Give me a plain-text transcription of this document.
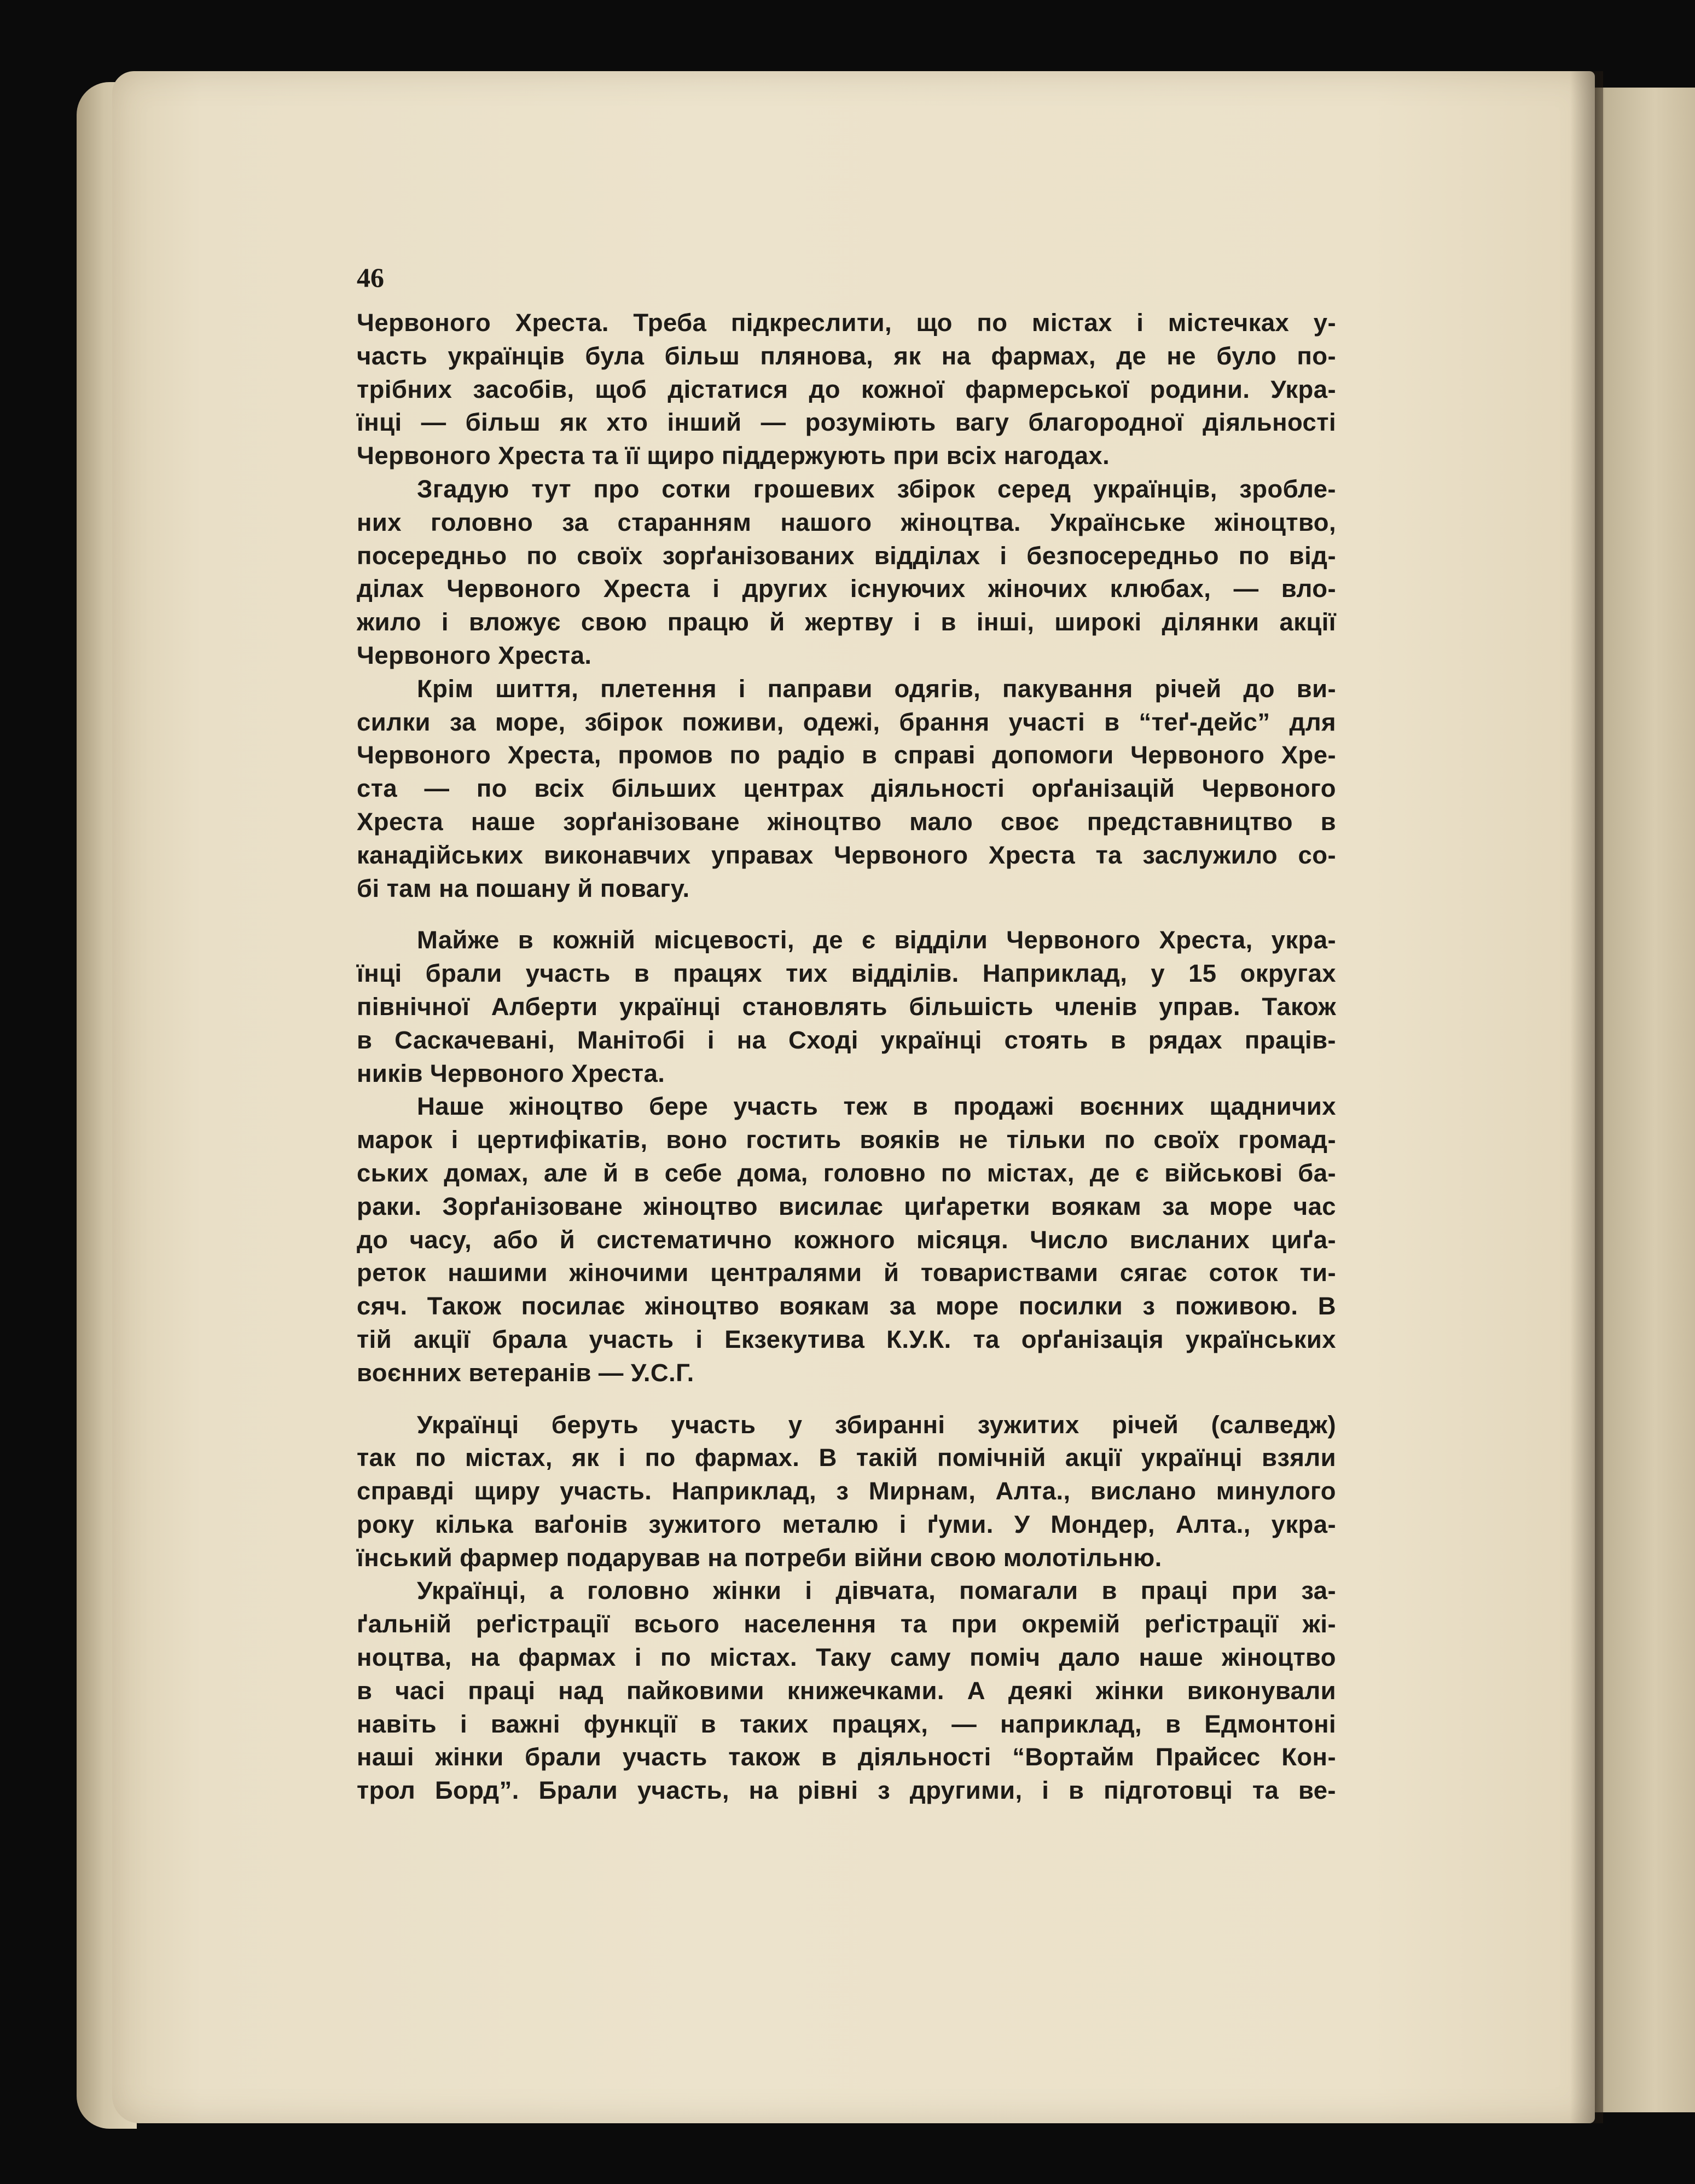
46

Червоного Хреста. Треба підкреслити, що по містах і містечках у-
часть українців була більш плянова, як на фармах, де не було по-
трібних засобів, щоб дістатися до кожної фармерської родини. Укра-
їнці — більш як хто інший — розуміють вагу благородної діяльності
Червоного Хреста та її щиро піддержують при всіх нагодах.

Згадую тут про сотки грошевих збірок серед українців, зробле-
них головно за старанням нашого жіноцтва. Українське жіноцтво,
посередньо по своїх зорґанізованих відділах і безпосередньо по від-
ділах Червоного Хреста і других існуючих жіночих клюбах, — вло-
жило і вложує свою працю й жертву і в інші, широкі ділянки акції
Червоного Хреста.

Крім шиття, плетення і папрaви одягів, пакування річей до ви-
силки за море, збірок поживи, одежі, брання участі в “теґ-дейс” для
Червоного Хреста, промов по радіо в справі допомоги Червоного Хре-
ста — по всіх більших центрах діяльності орґанізацій Червоного
Хреста наше зорґанізоване жіноцтво мало своє представництво в
канадійських виконавчих управах Червоного Хреста та заслужило со-
бі там на пошану й повагу.

Майже в кожній місцевості, де є відділи Червоного Хреста, укра-
їнці брали участь в працях тих відділів. Наприклад, у 15 округах
північної Алберти українці становлять більшість членів управ. Також
в Саскачевані, Манітобі і на Сході українці стоять в рядах праців-
ників Червоного Хреста.

Наше жіноцтво бере участь теж в продажі воєнних щадничих
марок і цертифікатів, воно гостить вояків не тільки по своїх громад-
ських домах, але й в себе дома, головно по містах, де є військові ба-
раки. Зорґанізоване жіноцтво висилає циґаретки воякам за море час
до часу, або й систематично кожного місяця. Число висланих циґа-
реток нашими жіночими централями й товариствами сягає соток ти-
сяч. Також посилає жіноцтво воякам за море посилки з поживою. В
тій акції брала участь і Екзекутива К.У.К. та орґанізація українських
воєнних ветеранів — У.С.Г.

Українці беруть участь у збиранні зужитих річей (салвeдж)
так по містах, як і по фармах. В такій помічній акції українці взяли
справді щиру участь. Наприклад, з Мирнам, Алта., вислано минулого
року кілька ваґонів зужитого металю і ґуми. У Мондер, Алта., укра-
їнський фармер подарував на потреби війни свою молотільню.

Українці, а головно жінки і дівчата, помагали в праці при за-
ґальній реґістрації всього населення та при окремій реґістрації жі-
ноцтва, на фармах і по містах. Таку саму поміч дало наше жіноцтво
в часі праці над пайковими книжечками. А деякі жінки виконували
навіть і важні функції в таких працях, — наприклад, в Едмонтоні
наші жінки брали участь також в діяльності “Вортайм Прайсес Кон-
трол Борд”. Брали участь, на рівні з другими, і в підготовці та ве-
